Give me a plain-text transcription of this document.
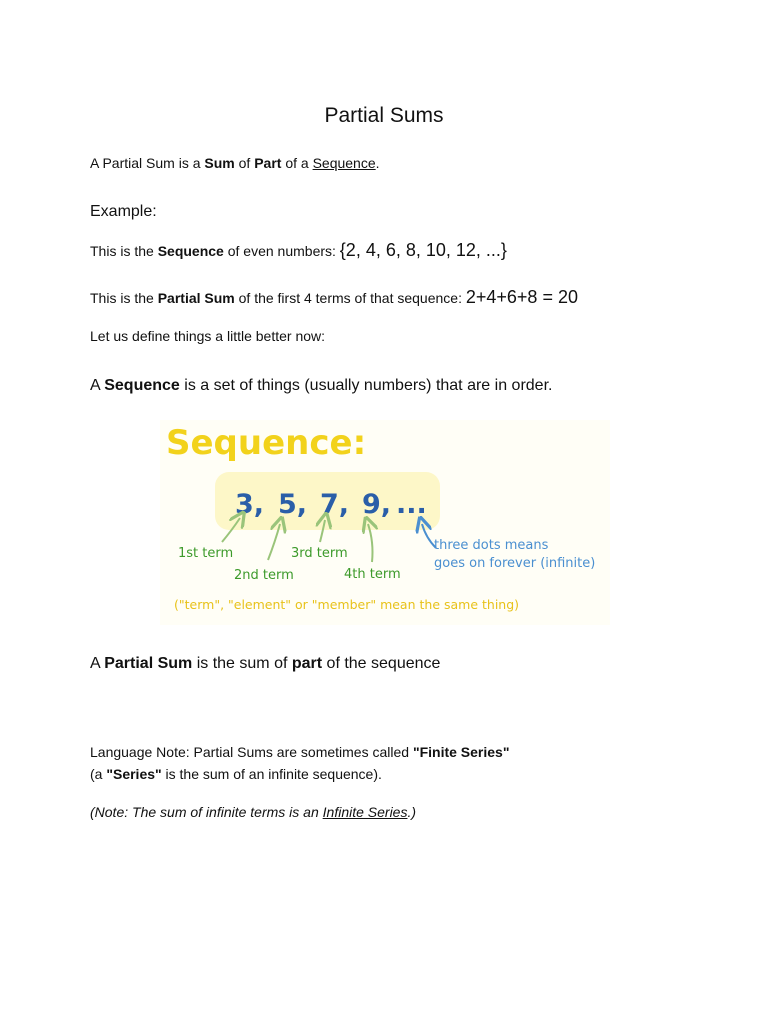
Partial Sums

A Partial Sum is a Sum of Part of a Sequence.

Example:

This is the Sequence of even numbers: {2, 4, 6, 8, 10, 12, ...}

This is the Partial Sum of the first 4 terms of that sequence: 2+4+6+8 = 20

Let us define things a little better now:

A Sequence is a set of things (usually numbers) that are in order.

Sequence:
3, 5, 7, 9, ...
1st term
2nd term
3rd term
4th term
three dots means
goes on forever (infinite)
("term", "element" or "member" mean the same thing)

A Partial Sum is the sum of part of the sequence

Language Note: Partial Sums are sometimes called "Finite Series"

(a "Series" is the sum of an infinite sequence).

(Note: The sum of infinite terms is an Infinite Series.)
